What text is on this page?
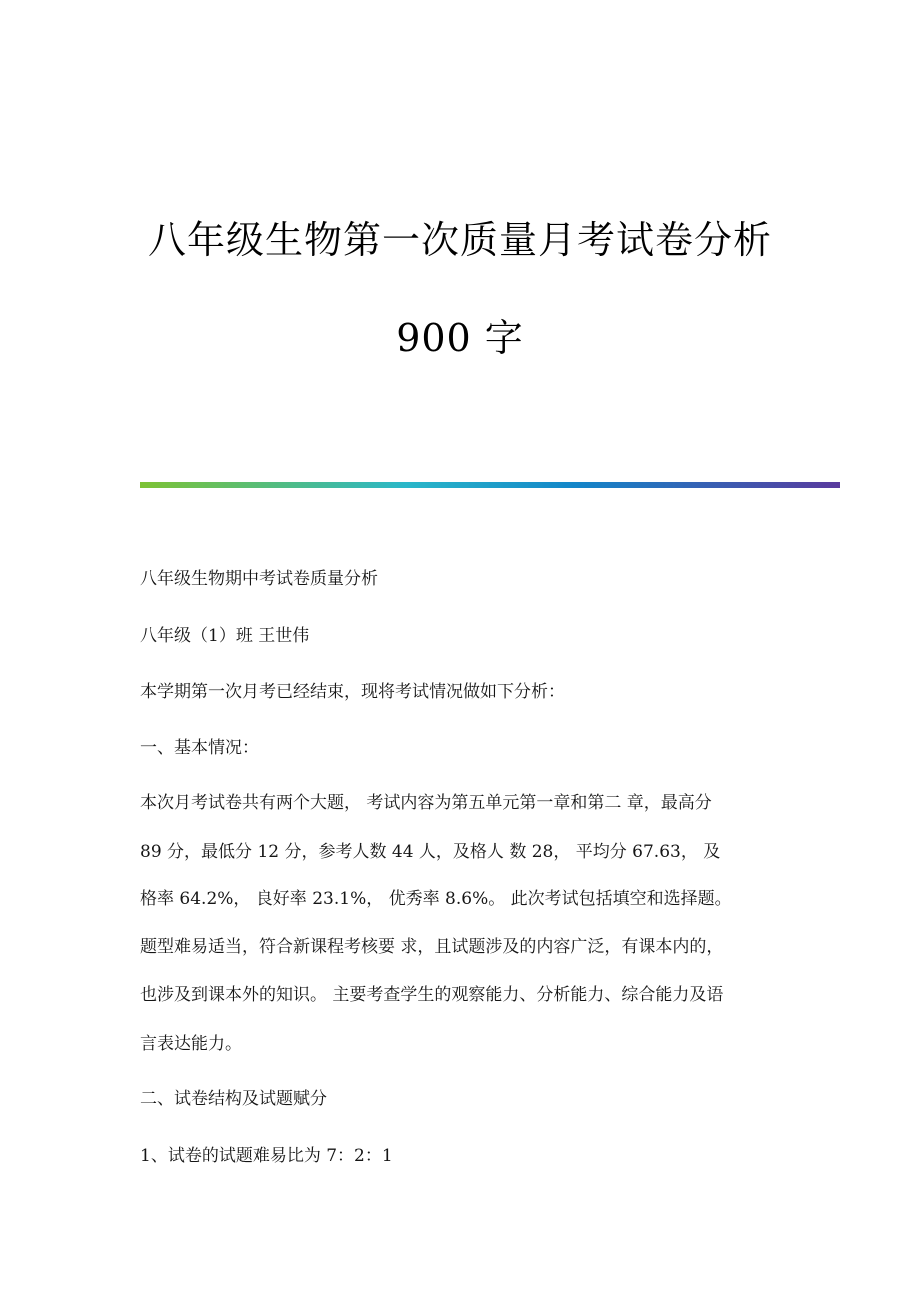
八年级生物第一次质量月考试卷分析
900 字
八年级生物期中考试卷质量分析
八年级（1）班 王世伟
本学期第一次月考已经结束，现将考试情况做如下分析：
一、基本情况：
本次月考试卷共有两个大题， 考试内容为第五单元第一章和第二 章，最高分
89 分，最低分 12 分，参考人数 44 人，及格人 数 28， 平均分 67.63， 及
格率 64.2%， 良好率 23.1%， 优秀率 8.6%。 此次考试包括填空和选择题。
题型难易适当，符合新课程考核要 求，且试题涉及的内容广泛，有课本内的，
也涉及到课本外的知识。 主要考查学生的观察能力、分析能力、综合能力及语
言表达能力。
二、试卷结构及试题赋分
1、试卷的试题难易比为 7：2：1
